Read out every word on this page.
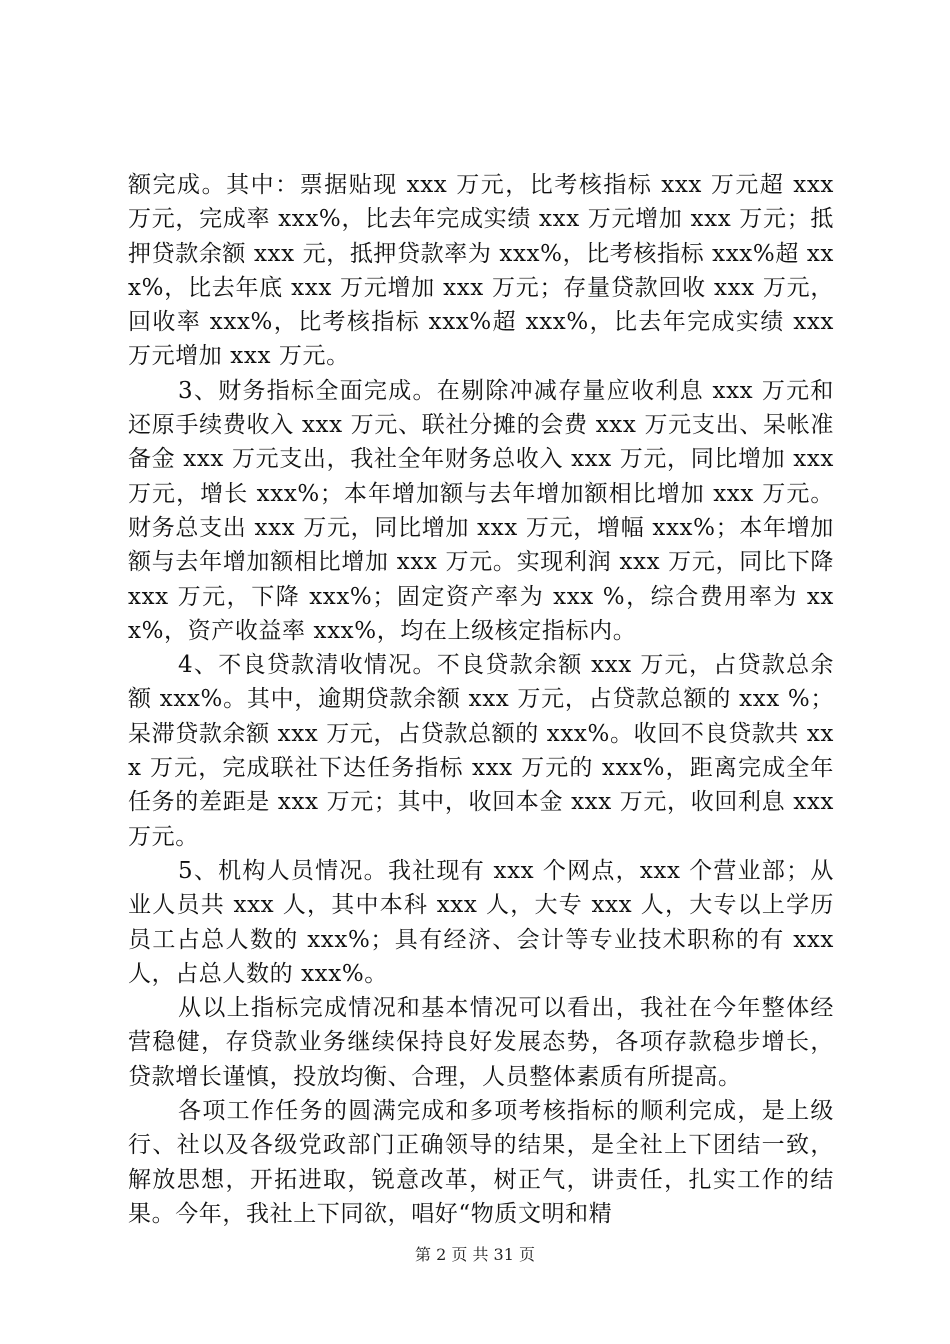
额完成。其中：票据贴现 xxx 万元，比考核指标 xxx 万元超 xxx 万元，完成率 xxx%，比去年完成实绩 xxx 万元增加 xxx 万元；抵押贷款余额 xxx 元，抵押贷款率为 xxx%，比考核指标 xxx%超 xxx%，比去年底 xxx 万元增加 xxx 万元；存量贷款回收 xxx 万元，回收率 xxx%，比考核指标 xxx%超 xxx%，比去年完成实绩 xxx 万元增加 xxx 万元。

3、财务指标全面完成。在剔除冲减存量应收利息 xxx 万元和还原手续费收入 xxx 万元、联社分摊的会费 xxx 万元支出、呆帐准备金 xxx 万元支出，我社全年财务总收入 xxx 万元，同比增加 xxx 万元，增长 xxx%；本年增加额与去年增加额相比增加 xxx 万元。财务总支出 xxx 万元，同比增加 xxx 万元，增幅 xxx%；本年增加额与去年增加额相比增加 xxx 万元。实现利润 xxx 万元，同比下降 xxx 万元，下降 xxx%；固定资产率为 xxx %，综合费用率为 xxx%，资产收益率 xxx%，均在上级核定指标内。

4、不良贷款清收情况。不良贷款余额 xxx 万元，占贷款总余额 xxx%。其中，逾期贷款余额 xxx 万元，占贷款总额的 xxx %；呆滞贷款余额 xxx 万元，占贷款总额的 xxx%。收回不良贷款共 xxx 万元，完成联社下达任务指标 xxx 万元的 xxx%，距离完成全年任务的差距是 xxx 万元；其中，收回本金 xxx 万元，收回利息 xxx 万元。

5、机构人员情况。我社现有 xxx 个网点，xxx 个营业部；从业人员共 xxx 人，其中本科 xxx 人，大专 xxx 人，大专以上学历员工占总人数的 xxx%；具有经济、会计等专业技术职称的有 xxx 人，占总人数的 xxx%。

从以上指标完成情况和基本情况可以看出，我社在今年整体经营稳健，存贷款业务继续保持良好发展态势，各项存款稳步增长，贷款增长谨慎，投放均衡、合理，人员整体素质有所提高。

各项工作任务的圆满完成和多项考核指标的顺利完成，是上级行、社以及各级党政部门正确领导的结果，是全社上下团结一致，解放思想，开拓进取，锐意改革，树正气，讲责任，扎实工作的结果。今年，我社上下同欲，唱好“物质文明和精

第 2 页 共 31 页
